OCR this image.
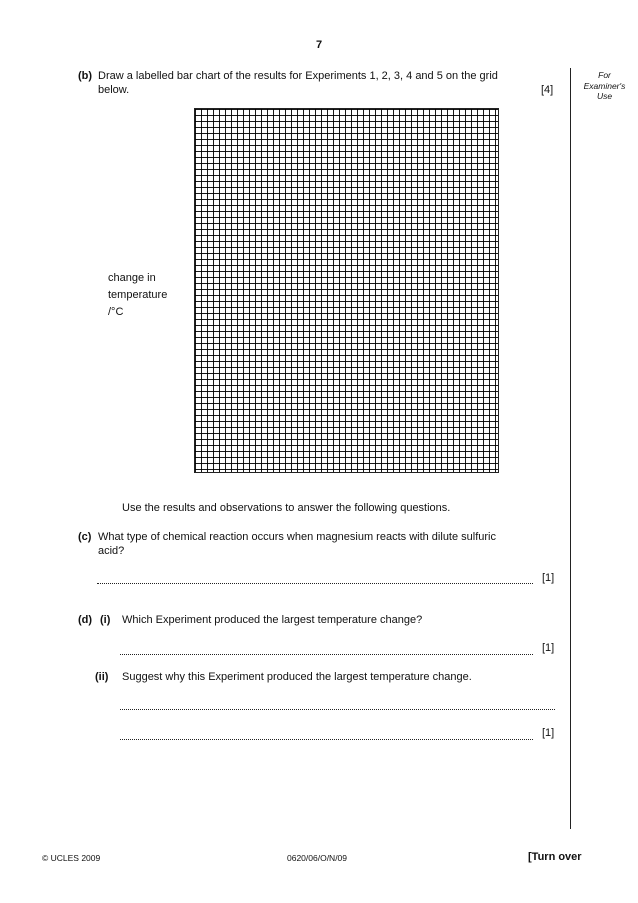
7
For
Examiner's
Use
(b) Draw a labelled bar chart of the results for Experiments 1, 2, 3, 4 and 5 on the grid
below.	[4]
change in
temperature
/°C
Use the results and observations to answer the following questions.
(c) What type of chemical reaction occurs when magnesium reacts with dilute sulfuric
acid?
[1]
(d) (i) Which Experiment produced the largest temperature change?
[1]
(ii) Suggest why this Experiment produced the largest temperature change.
[1]
© UCLES 2009	0620/06/O/N/09	[Turn over
